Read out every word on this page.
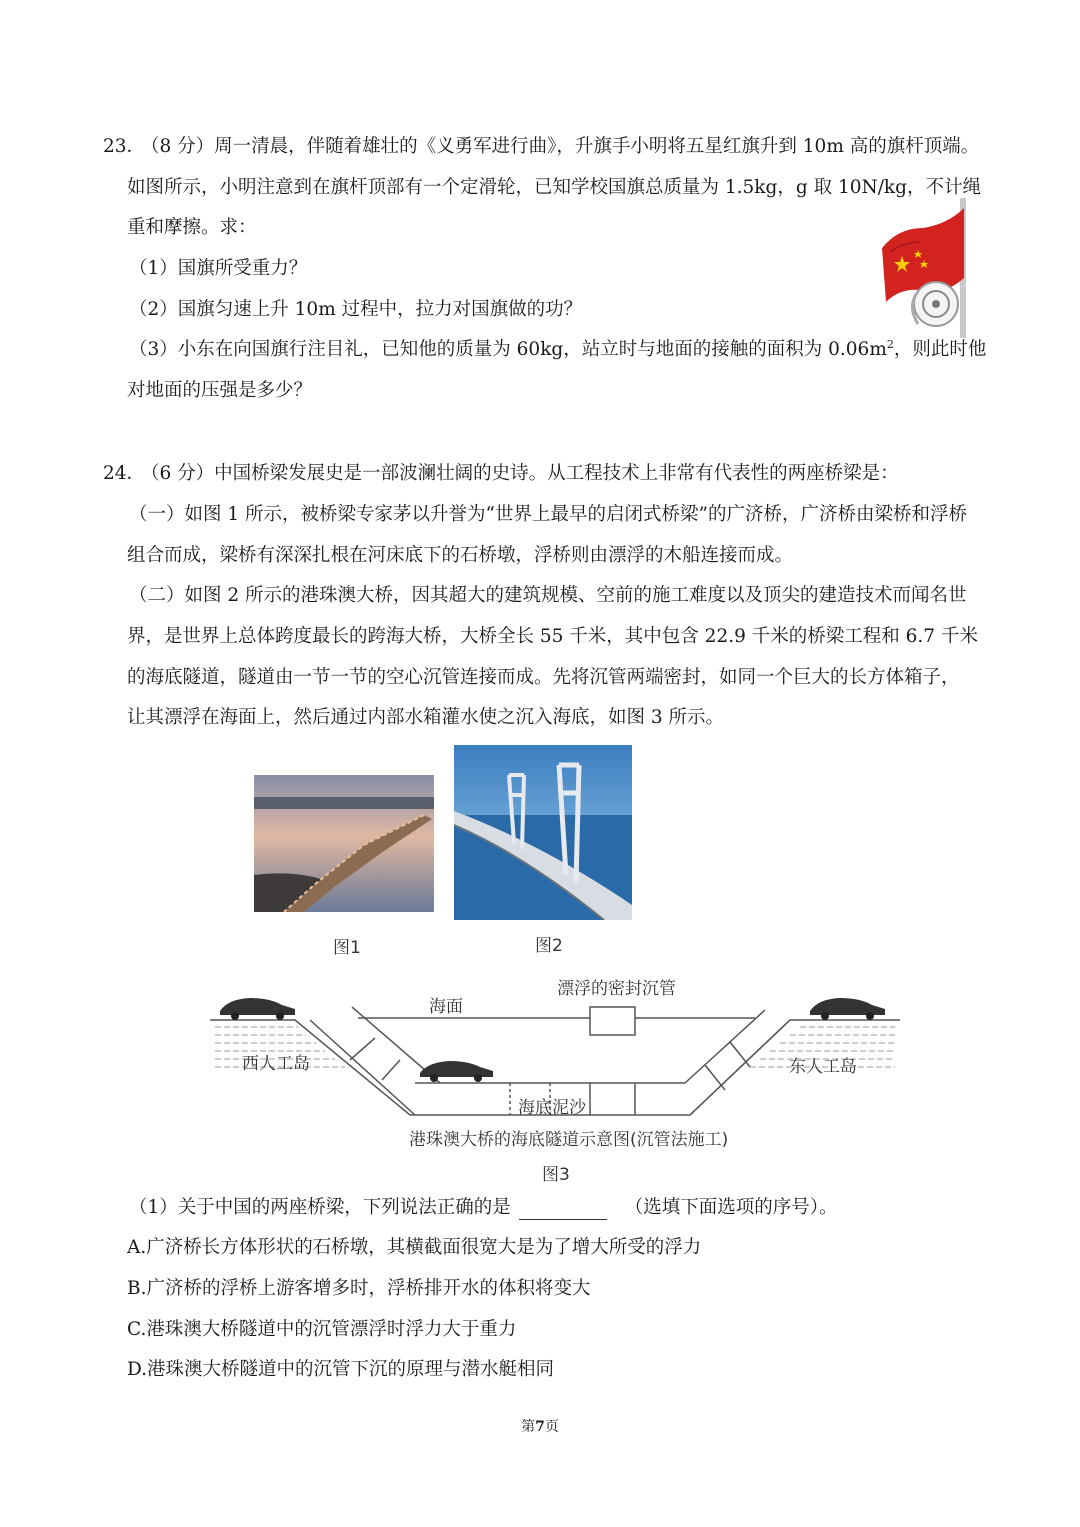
23．
（8 分）周一清晨，伴随着雄壮的《义勇军进行曲》，升旗手小明将五星红旗升到 10m 高的旗杆顶端。
如图所示，小明注意到在旗杆顶部有一个定滑轮，已知学校国旗总质量为 1.5kg，g 取 10N/kg，不计绳
重和摩擦。求：
（1）国旗所受重力？
（2）国旗匀速上升 10m 过程中，拉力对国旗做的功？
（3）小东在向国旗行注目礼，已知他的质量为 60kg，站立时与地面的接触的面积为 $0.06m^2$，则此时他
对地面的压强是多少？
24．
（6 分）中国桥梁发展史是一部波澜壮阔的史诗。从工程技术上非常有代表性的两座桥梁是：
（一）如图 1 所示，被桥梁专家茅以升誉为“世界上最早的启闭式桥梁”的广济桥，广济桥由梁桥和浮桥
组合而成，梁桥有深深扎根在河床底下的石桥墩，浮桥则由漂浮的木船连接而成。
（二）如图 2 所示的港珠澳大桥，因其超大的建筑规模、空前的施工难度以及顶尖的建造技术而闻名世
界，是世界上总体跨度最长的跨海大桥，大桥全长 55 千米，其中包含 22.9 千米的桥梁工程和 6.7 千米
的海底隧道，隧道由一节一节的空心沉管连接而成。先将沉管两端密封，如同一个巨大的长方体箱子，
让其漂浮在海面上，然后通过内部水箱灌水使之沉入海底，如图 3 所示。
图1	图2
海面
漂浮的密封沉管
西人工岛	东人工岛
海底泥沙
港珠澳大桥的海底隧道示意图(沉管法施工)
图3
（1）关于中国的两座桥梁，下列说法正确的是	（选填下面选项的序号）。
A.广济桥长方体形状的石桥墩，其横截面很宽大是为了增大所受的浮力
B.广济桥的浮桥上游客增多时，浮桥排开水的体积将变大
C.港珠澳大桥隧道中的沉管漂浮时浮力大于重力
D.港珠澳大桥隧道中的沉管下沉的原理与潜水艇相同
第7页
